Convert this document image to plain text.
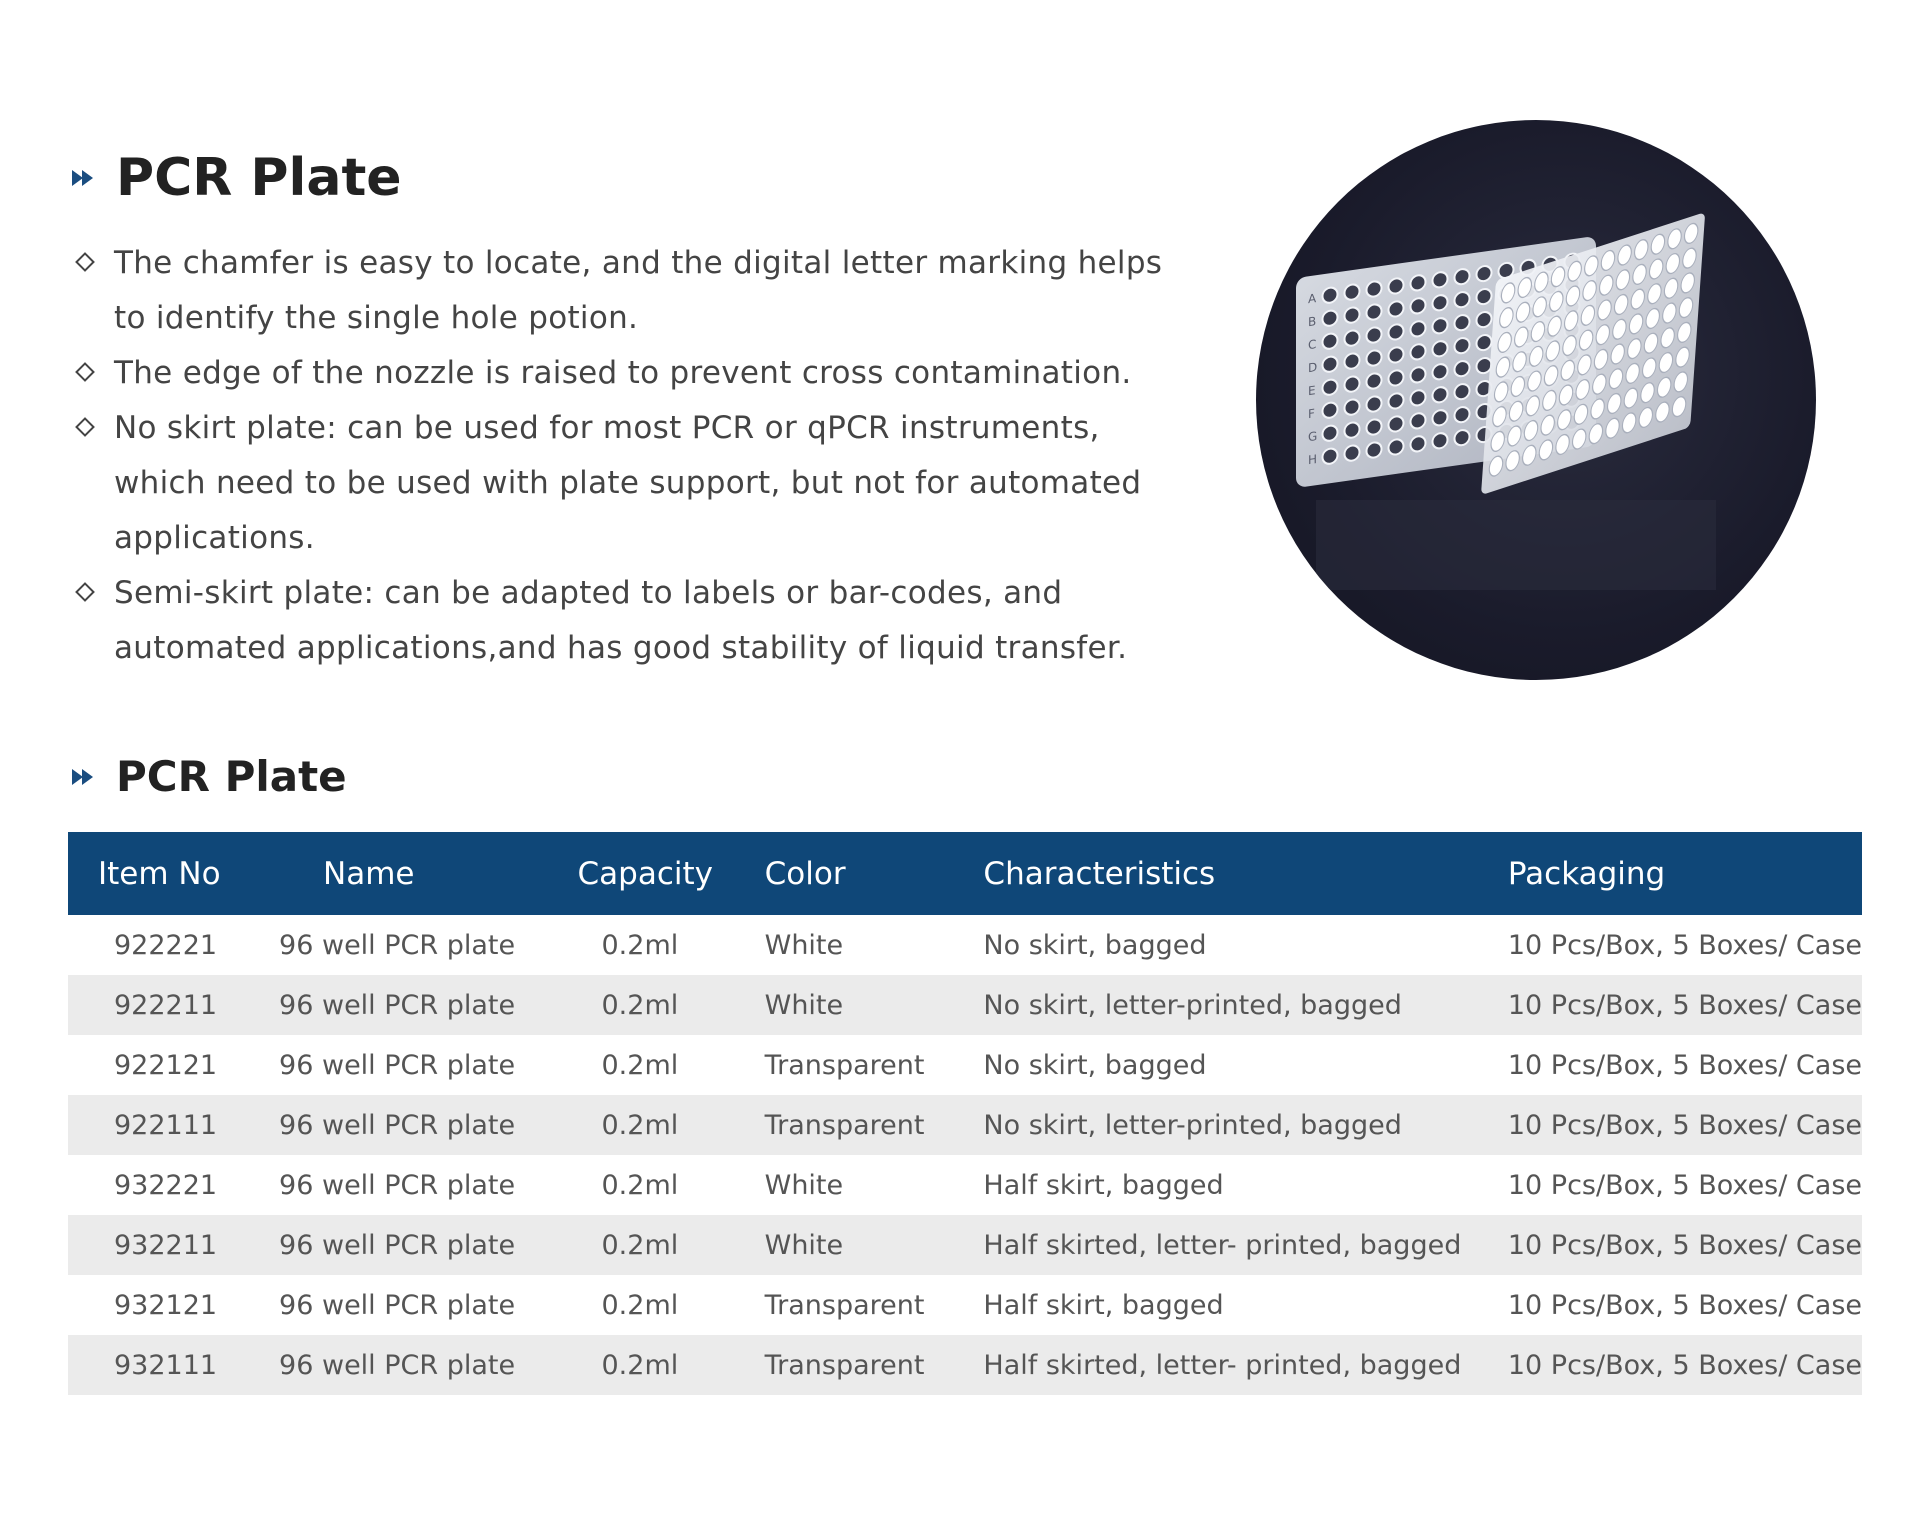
PCR Plate
The chamfer is easy to locate, and the digital letter marking helps to identify the single hole potion.
The edge of the nozzle is raised to prevent cross contamination.
No skirt plate: can be used for most PCR or qPCR instruments, which need to be used with plate support, but not for automated applications.
Semi-skirt plate: can be adapted to labels or bar-codes, and automated applications,and has good stability of liquid transfer.
A
B
C
D
E
F
G
H
PCR Plate
Item No	Name	Capacity	Color	Characteristics	Packaging
922221	96 well PCR plate	0.2ml	White	No skirt, bagged	10 Pcs/Box, 5 Boxes/ Case
922211	96 well PCR plate	0.2ml	White	No skirt, letter-printed, bagged	10 Pcs/Box, 5 Boxes/ Case
922121	96 well PCR plate	0.2ml	Transparent	No skirt, bagged	10 Pcs/Box, 5 Boxes/ Case
922111	96 well PCR plate	0.2ml	Transparent	No skirt, letter-printed, bagged	10 Pcs/Box, 5 Boxes/ Case
932221	96 well PCR plate	0.2ml	White	Half skirt, bagged	10 Pcs/Box, 5 Boxes/ Case
932211	96 well PCR plate	0.2ml	White	Half skirted, letter- printed, bagged	10 Pcs/Box, 5 Boxes/ Case
932121	96 well PCR plate	0.2ml	Transparent	Half skirt, bagged	10 Pcs/Box, 5 Boxes/ Case
932111	96 well PCR plate	0.2ml	Transparent	Half skirted, letter- printed, bagged	10 Pcs/Box, 5 Boxes/ Case
